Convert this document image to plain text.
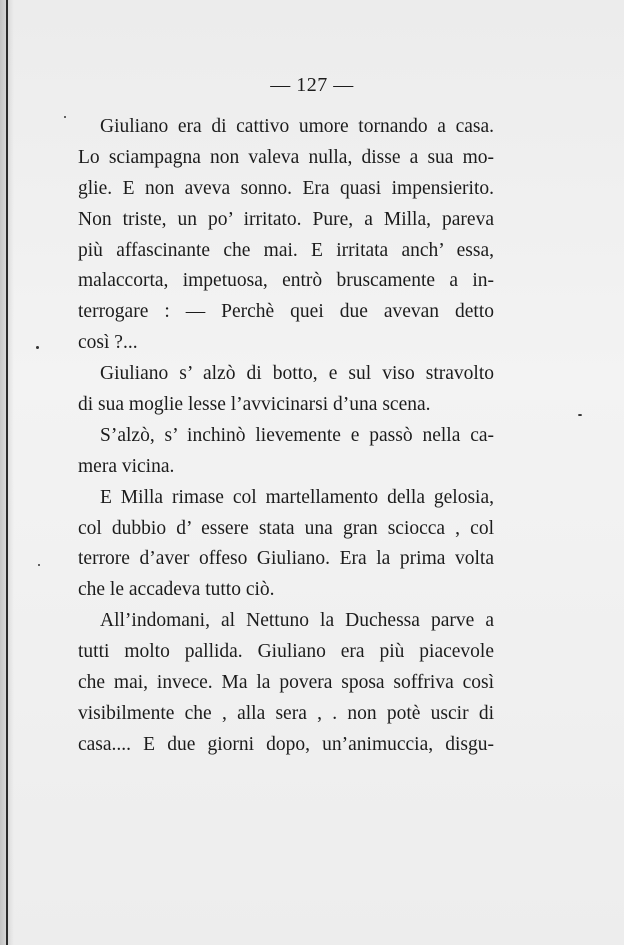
— 127 —
Giuliano era di cattivo umore tornando a casa.
Lo sciampagna non valeva nulla, disse a sua mo-
glie. E non aveva sonno. Era quasi impensierito.
Non triste, un po’ irritato. Pure, a Milla, pareva
più affascinante che mai. E irritata anch’ essa,
malaccorta, impetuosa, entrò bruscamente a in-
terrogare : — Perchè quei due avevan detto
così ?...
Giuliano s’ alzò di botto, e sul viso stravolto
di sua moglie lesse l’avvicinarsi d’una scena.
S’alzò, s’ inchinò lievemente e passò nella ca-
mera vicina.
E Milla rimase col martellamento della gelosia,
col dubbio d’ essere stata una gran sciocca , col
terrore d’aver offeso Giuliano. Era la prima volta
che le accadeva tutto ciò.
All’indomani, al Nettuno la Duchessa parve a
tutti molto pallida. Giuliano era più piacevole
che mai, invece. Ma la povera sposa soffriva così
visibilmente che , alla sera , . non potè uscir di
casa.... E due giorni dopo, un’animuccia, disgu-
